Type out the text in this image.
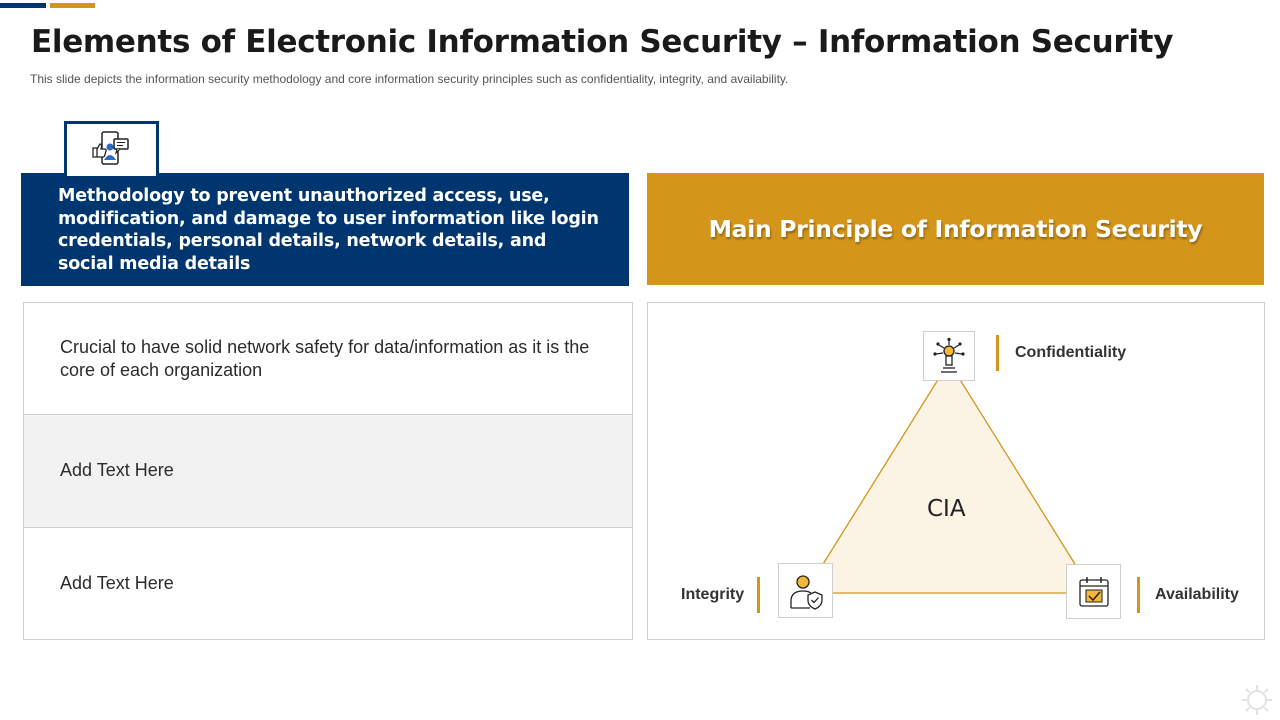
Elements of Electronic Information Security – Information Security

This slide depicts the information security methodology and core information security principles such as confidentiality, integrity, and availability.

Methodology to prevent unauthorized access, use, modification, and damage to user information like login credentials, personal details, network details, and social media details
Crucial to have solid network safety for data/information as it is the core of each organization
Add Text Here
Add Text Here
Main Principle of Information Security
CIA
Confidentiality
Integrity	Availability
